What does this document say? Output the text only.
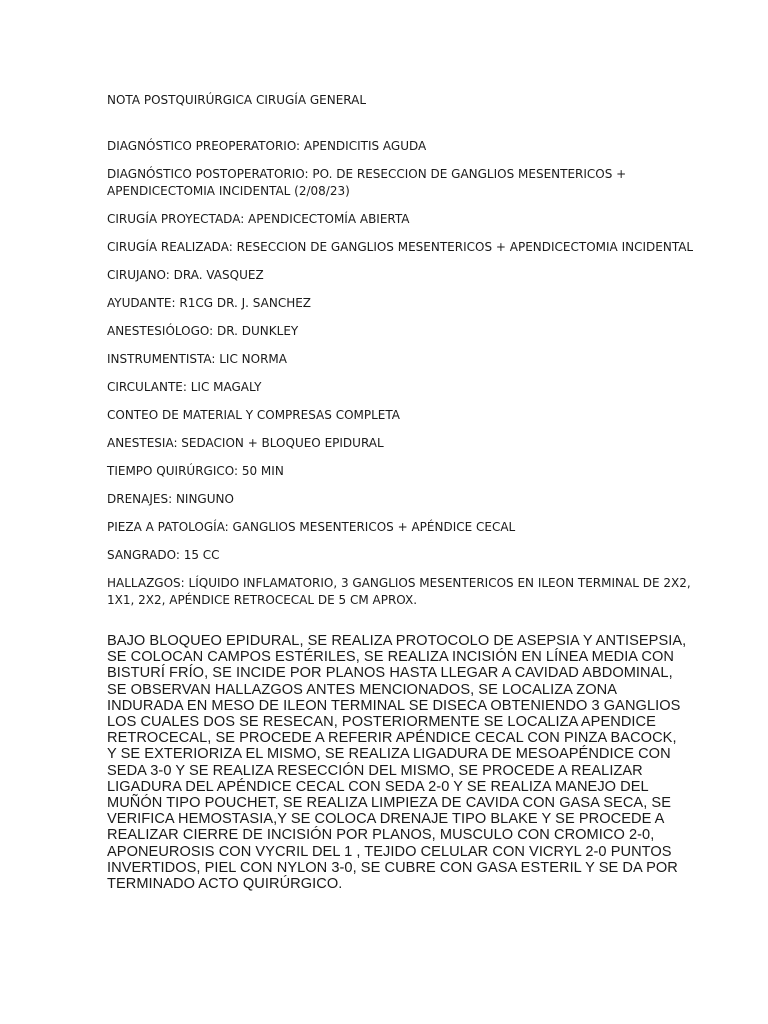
NOTA POSTQUIRÚRGICA CIRUGÍA GENERAL
DIAGNÓSTICO PREOPERATORIO: APENDICITIS AGUDA
DIAGNÓSTICO POSTOPERATORIO: PO. DE RESECCION DE GANGLIOS MESENTERICOS +
APENDICECTOMIA INCIDENTAL (2/08/23)
CIRUGÍA PROYECTADA: APENDICECTOMÍA ABIERTA
CIRUGÍA REALIZADA: RESECCION DE GANGLIOS MESENTERICOS + APENDICECTOMIA INCIDENTAL
CIRUJANO: DRA. VASQUEZ
AYUDANTE: R1CG DR. J. SANCHEZ
ANESTESIÓLOGO: DR. DUNKLEY
INSTRUMENTISTA: LIC NORMA
CIRCULANTE: LIC MAGALY
CONTEO DE MATERIAL Y COMPRESAS COMPLETA
ANESTESIA: SEDACION + BLOQUEO EPIDURAL
TIEMPO QUIRÚRGICO: 50 MIN
DRENAJES: NINGUNO
PIEZA A PATOLOGÍA: GANGLIOS MESENTERICOS + APÉNDICE CECAL
SANGRADO: 15 CC
HALLAZGOS: LÍQUIDO INFLAMATORIO, 3 GANGLIOS MESENTERICOS EN ILEON TERMINAL DE 2X2,
1X1, 2X2, APÉNDICE RETROCECAL DE 5 CM APROX.
BAJO BLOQUEO EPIDURAL, SE REALIZA PROTOCOLO DE ASEPSIA Y ANTISEPSIA,
SE COLOCAN CAMPOS ESTÉRILES, SE REALIZA INCISIÓN EN LÍNEA MEDIA CON
BISTURÍ FRÍO, SE INCIDE POR PLANOS HASTA LLEGAR A CAVIDAD ABDOMINAL,
SE OBSERVAN HALLAZGOS ANTES MENCIONADOS, SE LOCALIZA ZONA
INDURADA EN MESO DE ILEON TERMINAL SE DISECA OBTENIENDO 3 GANGLIOS
LOS CUALES DOS SE RESECAN, POSTERIORMENTE SE LOCALIZA APENDICE
RETROCECAL, SE PROCEDE A REFERIR APÉNDICE CECAL CON PINZA BACOCK,
Y SE EXTERIORIZA EL MISMO, SE REALIZA LIGADURA DE MESOAPÉNDICE CON
SEDA 3-0 Y SE REALIZA RESECCIÓN DEL MISMO, SE PROCEDE A REALIZAR
LIGADURA DEL APÉNDICE CECAL CON SEDA 2-0 Y SE REALIZA MANEJO DEL
MUÑÓN TIPO POUCHET, SE REALIZA LIMPIEZA DE CAVIDA CON GASA SECA, SE
VERIFICA HEMOSTASIA,Y SE COLOCA DRENAJE TIPO BLAKE Y SE PROCEDE A
REALIZAR CIERRE DE INCISIÓN POR PLANOS, MUSCULO CON CROMICO 2-0,
APONEUROSIS CON VYCRIL DEL 1 , TEJIDO CELULAR CON VICRYL 2-0 PUNTOS
INVERTIDOS, PIEL CON NYLON 3-0, SE CUBRE CON GASA ESTERIL Y SE DA POR
TERMINADO ACTO QUIRÚRGICO.
